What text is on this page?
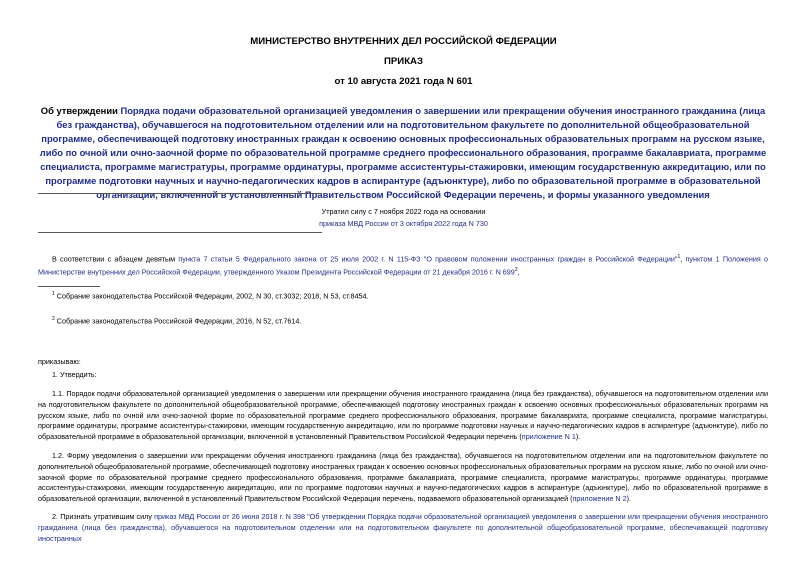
МИНИСТЕРСТВО ВНУТРЕННИХ ДЕЛ РОССИЙСКОЙ ФЕДЕРАЦИИ
ПРИКАЗ
от 10 августа 2021 года N 601
Об утверждении Порядка подачи образовательной организацией уведомления о завершении или прекращении обучения иностранного гражданина (лица без гражданства), обучавшегося на подготовительном отделении или на подготовительном факультете по дополнительной общеобразовательной программе, обеспечивающей подготовку иностранных граждан к освоению основных профессиональных образовательных программ на русском языке, либо по очной или очно-заочной форме по образовательной программе среднего профессионального образования, программе бакалавриата, программе специалиста, программе магистратуры, программе ординатуры, программе ассистентуры-стажировки, имеющим государственную аккредитацию, или по программе подготовки научных и научно-педагогических кадров в аспирантуре (адъюнктуре), либо по образовательной программе в образовательной организации, включенной в установленный Правительством Российской Федерации перечень, и формы указанного уведомления
Утратил силу с 7 ноября 2022 года на основании
приказа МВД России от 3 октября 2022 года N 730
В соответствии с абзацем девятым пункта 7 статьи 5 Федерального закона от 25 июля 2002 г. N 115-ФЗ "О правовом положении иностранных граждан в Российской Федерации"$^1$, пунктом 1 Положения о Министерстве внутренних дел Российской Федерации, утвержденного Указом Президента Российской Федерации от 21 декабря 2016 г. N $699^2$,
$^1$ Собрание законодательства Российской Федерации, 2002, N 30, ст.3032; 2018, N 53, ст.8454.
$^2$ Собрание законодательства Российской Федерации, 2016, N 52, ст.7614.
приказываю:
1. Утвердить:
1.1. Порядок подачи образовательной организацией уведомления о завершении или прекращении обучения иностранного гражданина (лица без гражданства), обучавшегося на подготовительном отделении или на подготовительном факультете по дополнительной общеобразовательной программе, обеспечивающей подготовку иностранных граждан к освоению основных профессиональных образовательных программ на русском языке, либо по очной или очно-заочной форме по образовательной программе среднего профессионального образования, программе бакалавриата, программе специалиста, программе магистратуры, программе ординатуры, программе ассистентуры-стажировки, имеющим государственную аккредитацию, или по программе подготовки научных и научно-педагогических кадров в аспирантуре (адъюнктуре), либо по образовательной программе в образовательной организации, включенной в установленный Правительством Российской Федерации перечень (приложение N 1).
1.2. Форму уведомления о завершении или прекращении обучения иностранного гражданина (лица без гражданства), обучавшегося на подготовительном отделении или на подготовительном факультете по дополнительной общеобразовательной программе, обеспечивающей подготовку иностранных граждан к освоению основных профессиональных образовательных программ на русском языке, либо по очной или очно-заочной форме по образовательной программе среднего профессионального образования, программе бакалавриата, программе специалиста, программе магистратуры, программе ординатуры, программе ассистентуры-стажировки, имеющим государственную аккредитацию, или по программе подготовки научных и научно-педагогических кадров в аспирантуре (адъюнктуре), либо по образовательной программе в образовательной организации, включенной в установленный Правительством Российской Федерации перечень, подаваемого образовательной организацией (приложение N 2).
2. Признать утратившим силу приказ МВД России от 26 июня 2018 г. N 398 "Об утверждении Порядка подачи образовательной организацией уведомления о завершении или прекращении обучения иностранного гражданина (лица без гражданства), обучавшегося на подготовительном отделении или на подготовительном факультете по дополнительной общеобразовательной программе, обеспечивающей подготовку иностранных
